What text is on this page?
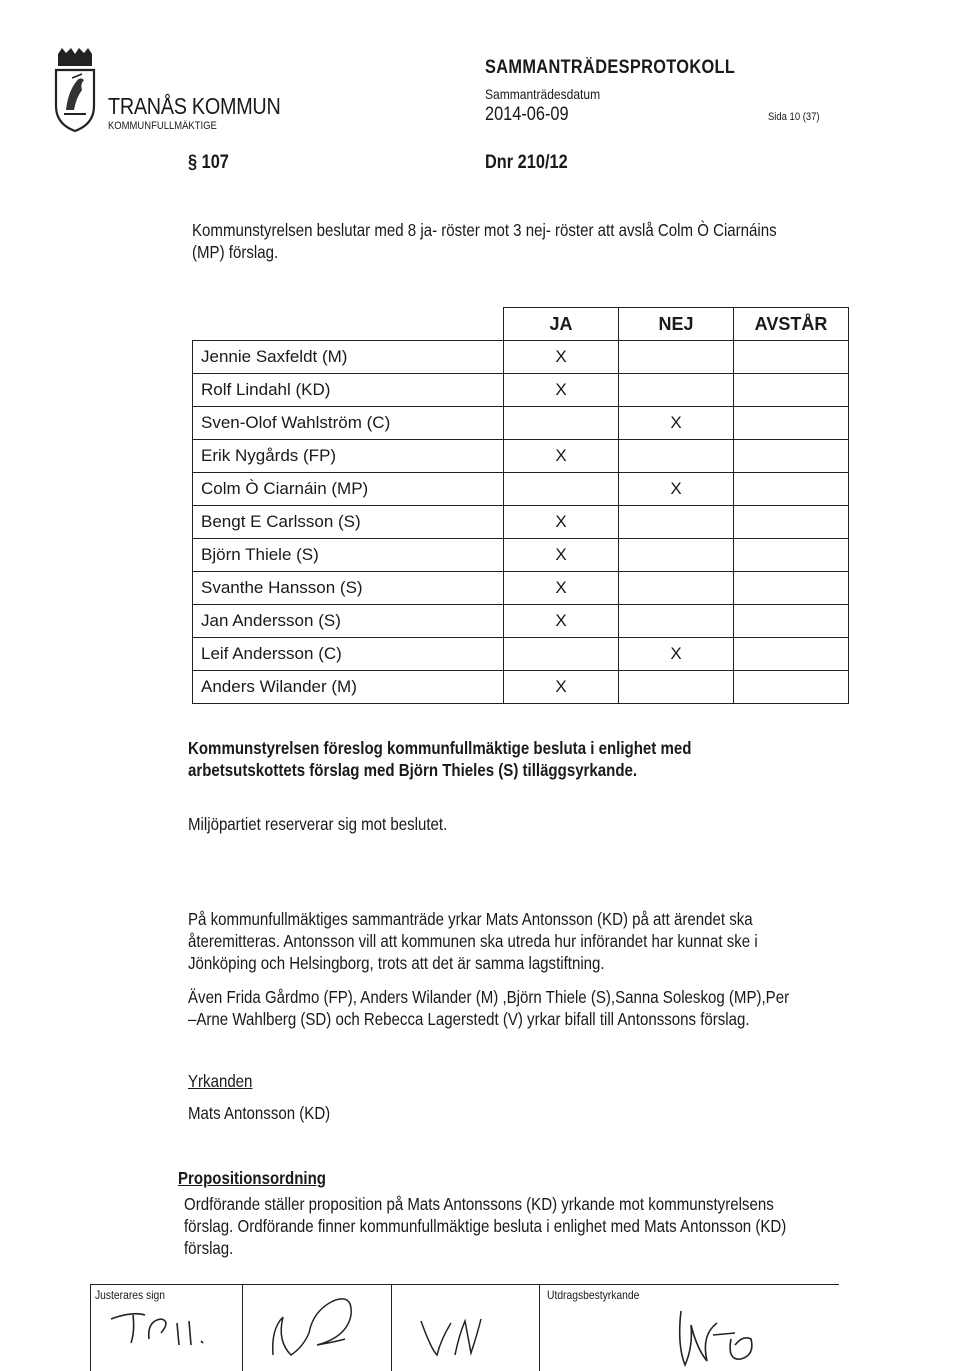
TRANÅS KOMMUN
KOMMUNFULLMÄKTIGE
SAMMANTRÄDESPROTOKOLL
Sammanträdesdatum
2014-06-09	Sida 10 (37)
§ 107	Dnr 210/12
Kommunstyrelsen beslutar med 8 ja- röster mot 3 nej- röster att avslå Colm Ò Ciarnáins
(MP) förslag.
	JA	NEJ	AVSTÅR
Jennie Saxfeldt (M)	X		
Rolf Lindahl (KD)	X		
Sven-Olof Wahlström (C)		X	
Erik Nygårds (FP)	X		
Colm Ò Ciarnáin (MP)		X	
Bengt E Carlsson (S)	X		
Björn Thiele (S)	X		
Svanthe Hansson (S)	X		
Jan Andersson (S)	X		
Leif Andersson (C)		X	
Anders Wilander (M)	X		
Kommunstyrelsen föreslog kommunfullmäktige besluta i enlighet med
arbetsutskottets förslag med Björn Thieles (S) tilläggsyrkande.
Miljöpartiet reserverar sig mot beslutet.
På kommunfullmäktiges sammanträde yrkar Mats Antonsson (KD) på att ärendet ska
återemitteras. Antonsson vill att kommunen ska utreda hur införandet har kunnat ske i
Jönköping och Helsingborg, trots att det är samma lagstiftning.
Även Frida Gårdmo (FP), Anders Wilander (M) ,Björn Thiele (S),Sanna Soleskog (MP),Per
–Arne Wahlberg (SD) och Rebecca Lagerstedt (V) yrkar bifall till Antonssons förslag.
Yrkanden
Mats Antonsson (KD)
Propositionsordning
Ordförande ställer proposition på Mats Antonssons (KD) yrkande mot kommunstyrelsens
förslag. Ordförande finner kommunfullmäktige besluta i enlighet med Mats Antonsson (KD)
förslag.
Justerares sign	Utdragsbestyrkande
